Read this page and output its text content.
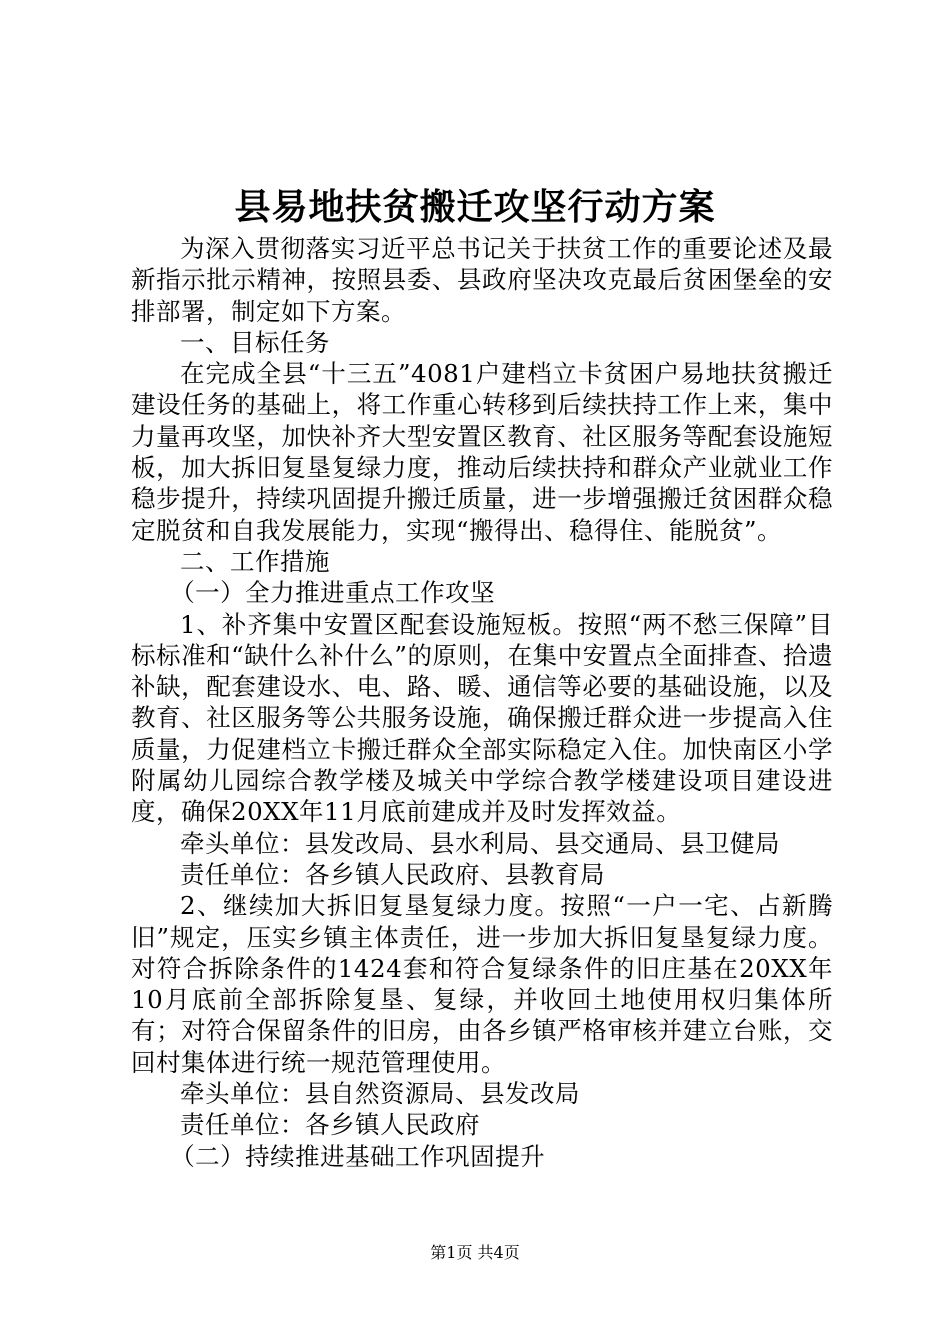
县易地扶贫搬迁攻坚行动方案

为深入贯彻落实习近平总书记关于扶贫工作的重要论述及最新指示批示精神，按照县委、县政府坚决攻克最后贫困堡垒的安排部署，制定如下方案。

一、目标任务

在完成全县“十三五”4081户建档立卡贫困户易地扶贫搬迁建设任务的基础上，将工作重心转移到后续扶持工作上来，集中力量再攻坚，加快补齐大型安置区教育、社区服务等配套设施短板，加大拆旧复垦复绿力度，推动后续扶持和群众产业就业工作稳步提升，持续巩固提升搬迁质量，进一步增强搬迁贫困群众稳定脱贫和自我发展能力，实现“搬得出、稳得住、能脱贫”。

二、工作措施

（一）全力推进重点工作攻坚

1、补齐集中安置区配套设施短板。按照“两不愁三保障”目标标准和“缺什么补什么”的原则，在集中安置点全面排查、拾遗补缺，配套建设水、电、路、暖、通信等必要的基础设施，以及教育、社区服务等公共服务设施，确保搬迁群众进一步提高入住质量，力促建档立卡搬迁群众全部实际稳定入住。加快南区小学附属幼儿园综合教学楼及城关中学综合教学楼建设项目建设进度，确保20XX年11月底前建成并及时发挥效益。

牵头单位：县发改局、县水利局、县交通局、县卫健局

责任单位：各乡镇人民政府、县教育局

2、继续加大拆旧复垦复绿力度。按照“一户一宅、占新腾旧”规定，压实乡镇主体责任，进一步加大拆旧复垦复绿力度。对符合拆除条件的1424套和符合复绿条件的旧庄基在20XX年10月底前全部拆除复垦、复绿，并收回土地使用权归集体所有；对符合保留条件的旧房，由各乡镇严格审核并建立台账，交回村集体进行统一规范管理使用。

牵头单位：县自然资源局、县发改局

责任单位：各乡镇人民政府

（二）持续推进基础工作巩固提升

第1页 共4页
